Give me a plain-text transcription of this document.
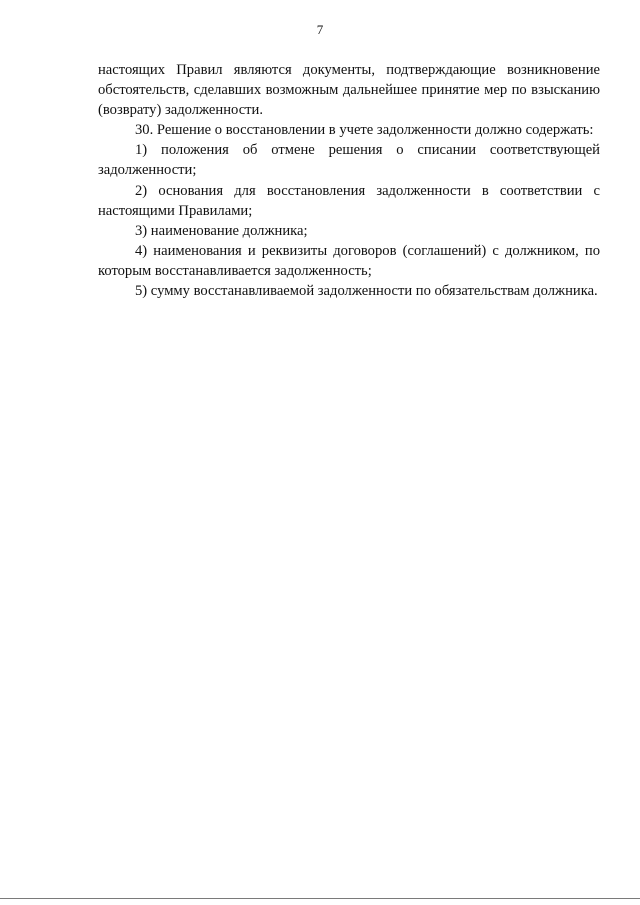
7

настоящих Правил являются документы, подтверждающие возникновение обстоятельств, сделавших возможным дальнейшее принятие мер по взысканию (возврату) задолженности.

30. Решение о восстановлении в учете задолженности должно содержать:

1) положения об отмене решения о списании соответствующей задолженности;

2) основания для восстановления задолженности в соответствии с настоящими Правилами;

3) наименование должника;

4) наименования и реквизиты договоров (соглашений) с должником, по которым восстанавливается задолженность;

5) сумму восстанавливаемой задолженности по обязательствам должника.
